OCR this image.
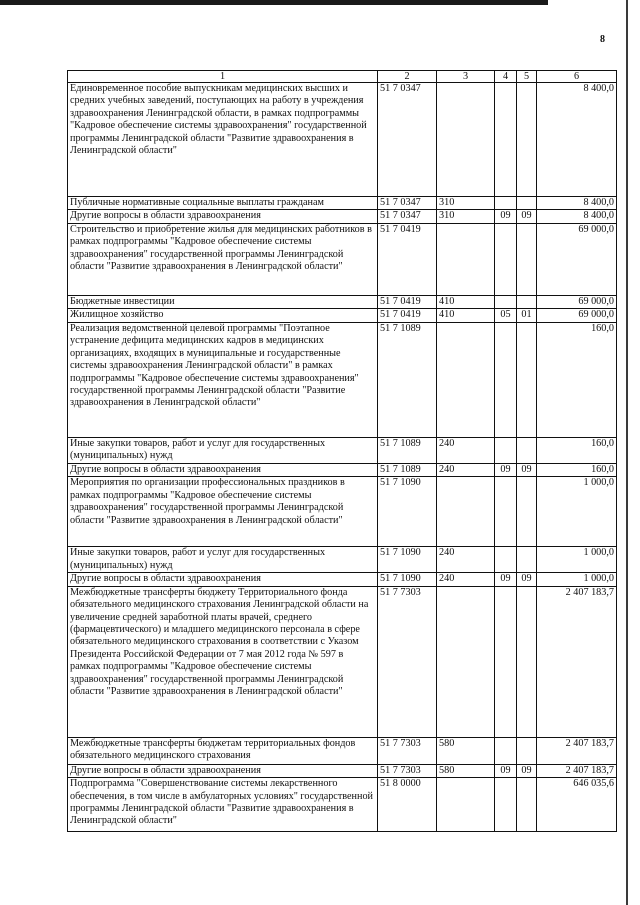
8
1	2	3	4	5	6
Единовременное пособие выпускникам медицинских высших и средних учебных заведений, поступающих на работу в учреждения здравоохранения Ленинградской области, в рамках подпрограммы "Кадровое обеспечение системы здравоохранения" государственной программы Ленинградской области "Развитие здравоохранения в Ленинградской области"	51 7 0347				8 400,0
Публичные нормативные социальные выплаты гражданам	51 7 0347	310			8 400,0
Другие вопросы в области здравоохранения	51 7 0347	310	09	09	8 400,0
Строительство и приобретение жилья для медицинских работников в рамках подпрограммы "Кадровое обеспечение системы здравоохранения" государственной программы Ленинградской области "Развитие здравоохранения в Ленинградской области"	51 7 0419				69 000,0
Бюджетные инвестиции	51 7 0419	410			69 000,0
Жилищное хозяйство	51 7 0419	410	05	01	69 000,0
Реализация ведомственной целевой программы "Поэтапное устранение дефицита медицинских кадров в медицинских организациях, входящих в муниципальные и государственные системы здравоохранения Ленинградской области" в рамках подпрограммы "Кадровое обеспечение системы здравоохранения" государственной программы Ленинградской области "Развитие здравоохранения в Ленинградской области"	51 7 1089				160,0
Иные закупки товаров, работ и услуг для государственных (муниципальных) нужд	51 7 1089	240			160,0
Другие вопросы в области здравоохранения	51 7 1089	240	09	09	160,0
Мероприятия по организации профессиональных праздников в рамках подпрограммы "Кадровое обеспечение системы здравоохранения" государственной программы Ленинградской области "Развитие здравоохранения в Ленинградской области"	51 7 1090				1 000,0
Иные закупки товаров, работ и услуг для государственных (муниципальных) нужд	51 7 1090	240			1 000,0
Другие вопросы в области здравоохранения	51 7 1090	240	09	09	1 000,0
Межбюджетные трансферты бюджету Территориального фонда обязательного медицинского страхования Ленинградской области на увеличение средней заработной платы врачей, среднего (фармацевтического) и младшего медицинского персонала в сфере обязательного медицинского страхования в соответствии с Указом Президента Российской Федерации от 7 мая 2012 года № 597 в рамках подпрограммы "Кадровое обеспечение системы здравоохранения" государственной программы Ленинградской области "Развитие здравоохранения в Ленинградской области"	51 7 7303				2 407 183,7
Межбюджетные трансферты бюджетам территориальных фондов обязательного медицинского страхования	51 7 7303	580			2 407 183,7
Другие вопросы в области здравоохранения	51 7 7303	580	09	09	2 407 183,7
Подпрограмма "Совершенствование системы лекарственного обеспечения, в том числе в амбулаторных условиях" государственной программы Ленинградской области "Развитие здравоохранения в Ленинградской области"	51 8 0000				646 035,6
